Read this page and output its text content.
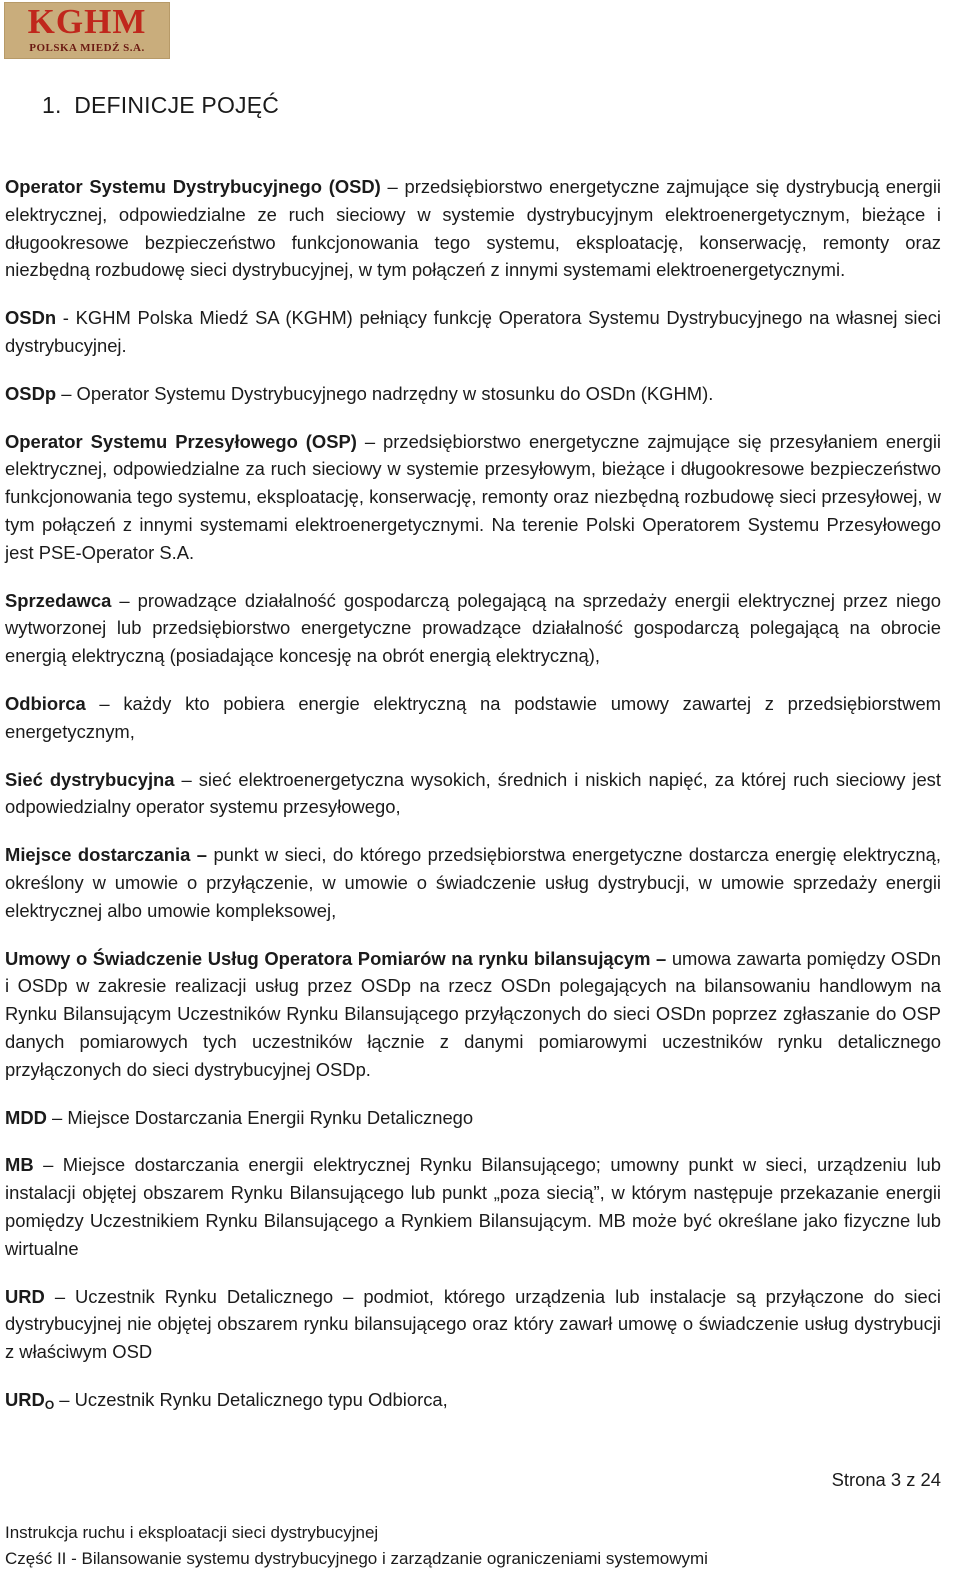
KGHM
POLSKA MIEDŹ S.A.
1. DEFINICJE POJĘĆ

Operator Systemu Dystrybucyjnego (OSD) – przedsiębiorstwo energetyczne zajmujące się dystrybucją energii elektrycznej, odpowiedzialne ze ruch sieciowy w systemie dystrybucyjnym elektroenergetycznym, bieżące i długookresowe bezpieczeństwo funkcjonowania tego systemu, eksploatację, konserwację, remonty oraz niezbędną rozbudowę sieci dystrybucyjnej, w tym połączeń z innymi systemami elektroenergetycznymi.

OSDn - KGHM Polska Miedź SA (KGHM) pełniący funkcję Operatora Systemu Dystrybucyjnego na własnej sieci dystrybucyjnej.

OSDp – Operator Systemu Dystrybucyjnego nadrzędny w stosunku do OSDn (KGHM).

Operator Systemu Przesyłowego (OSP) – przedsiębiorstwo energetyczne zajmujące się przesyłaniem energii elektrycznej, odpowiedzialne za ruch sieciowy w systemie przesyłowym, bieżące i długookresowe bezpieczeństwo funkcjonowania tego systemu, eksploatację, konserwację, remonty oraz niezbędną rozbudowę sieci przesyłowej, w tym połączeń z innymi systemami elektroenergetycznymi. Na terenie Polski Operatorem Systemu Przesyłowego jest PSE-Operator S.A.

Sprzedawca – prowadzące działalność gospodarczą polegającą na sprzedaży energii elektrycznej przez niego wytworzonej lub przedsiębiorstwo energetyczne prowadzące działalność gospodarczą polegającą na obrocie energią elektryczną (posiadające koncesję na obrót energią elektryczną),

Odbiorca – każdy kto pobiera energie elektryczną na podstawie umowy zawartej z przedsiębiorstwem energetycznym,

Sieć dystrybucyjna – sieć elektroenergetyczna wysokich, średnich i niskich napięć, za której ruch sieciowy jest odpowiedzialny operator systemu przesyłowego,

Miejsce dostarczania – punkt w sieci, do którego przedsiębiorstwa energetyczne dostarcza energię elektryczną, określony w umowie o przyłączenie, w umowie o świadczenie usług dystrybucji, w umowie sprzedaży energii elektrycznej albo umowie kompleksowej,

Umowy o Świadczenie Usług Operatora Pomiarów na rynku bilansującym – umowa zawarta pomiędzy OSDn i OSDp w zakresie realizacji usług przez OSDp na rzecz OSDn polegających na bilansowaniu handlowym na Rynku Bilansującym Uczestników Rynku Bilansującego przyłączonych do sieci OSDn poprzez zgłaszanie do OSP danych pomiarowych tych uczestników łącznie z danymi pomiarowymi uczestników rynku detalicznego przyłączonych do sieci dystrybucyjnej OSDp.

MDD – Miejsce Dostarczania Energii Rynku Detalicznego

MB – Miejsce dostarczania energii elektrycznej Rynku Bilansującego; umowny punkt w sieci, urządzeniu lub instalacji objętej obszarem Rynku Bilansującego lub punkt „poza siecią”, w którym następuje przekazanie energii pomiędzy Uczestnikiem Rynku Bilansującego a Rynkiem Bilansującym. MB może być określane jako fizyczne lub wirtualne

URD – Uczestnik Rynku Detalicznego – podmiot, którego urządzenia lub instalacje są przyłączone do sieci dystrybucyjnej nie objętej obszarem rynku bilansującego oraz który zawarł umowę o świadczenie usług dystrybucji z właściwym OSD

$URD_O$ – Uczestnik Rynku Detalicznego typu Odbiorca,

Strona 3 z 24
Instrukcja ruchu i eksploatacji sieci dystrybucyjnej
Część II - Bilansowanie systemu dystrybucyjnego i zarządzanie ograniczeniami systemowymi
